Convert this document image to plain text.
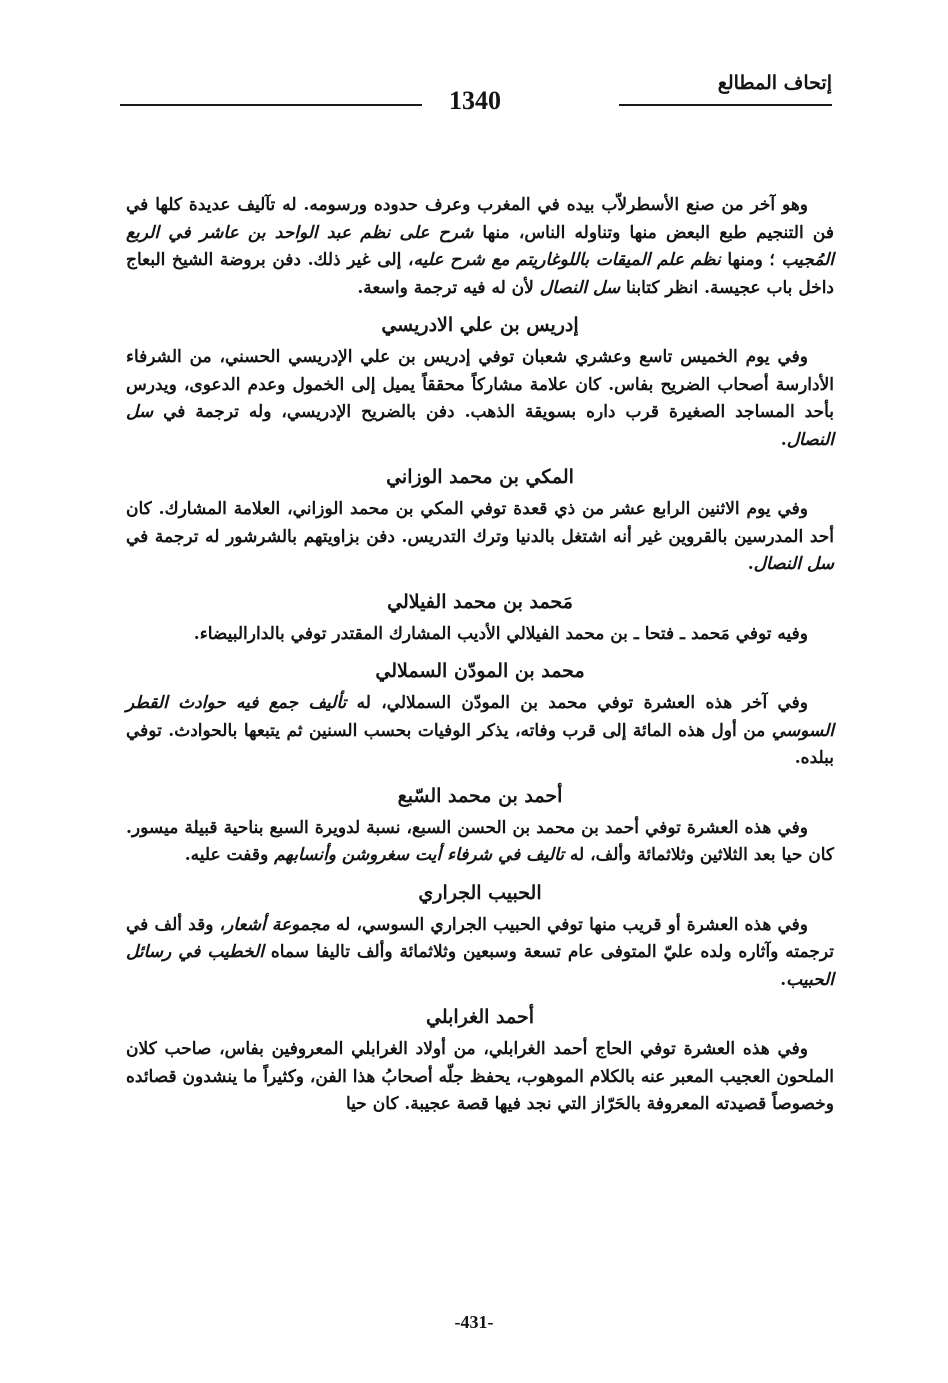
إتحاف المطالع
1340

وهو آخر من صنع الأسطرلاّب بيده في المغرب وعرف حدوده ورسومه. له تآليف عديدة كلها في فن التنجيم طبع البعض منها وتناوله الناس، منها شرح على نظم عبد الواحد بن عاشر في الربع المُجيب ؛ ومنها نظم علم الميقات باللوغاريتم مع شرح عليه، إلى غير ذلك. دفن بروضة الشيخ البعاج داخل باب عجيسة. انظر كتابنا سل النصال لأن له فيه ترجمة واسعة.

إدريس بن علي الادريسي

وفي يوم الخميس تاسع وعشري شعبان توفي إدريس بن علي الإدريسي الحسني، من الشرفاء الأدارسة أصحاب الضريح بفاس. كان علامة مشاركاً محققاً يميل إلى الخمول وعدم الدعوى، ويدرس بأحد المساجد الصغيرة قرب داره بسويقة الذهب. دفن بالضريح الإدريسي، وله ترجمة في سل النصال.

المكي بن محمد الوزاني

وفي يوم الاثنين الرابع عشر من ذي قعدة توفي المكي بن محمد الوزاني، العلامة المشارك. كان أحد المدرسين بالقروين غير أنه اشتغل بالدنيا وترك التدريس. دفن بزاويتهم بالشرشور له ترجمة في سل النصال.

مَحمد بن محمد الفيلالي

وفيه توفي مَحمد ـ فتحا ـ بن محمد الفيلالي الأديب المشارك المقتدر توفي بالدارالبيضاء.

محمد بن المودّن السملالي

وفي آخر هذه العشرة توفي محمد بن المودّن السملالي، له تأليف جمع فيه حوادث القطر السوسي من أول هذه المائة إلى قرب وفاته، يذكر الوفيات بحسب السنين ثم يتبعها بالحوادث. توفي ببلده.

أحمد بن محمد السّبع

وفي هذه العشرة توفي أحمد بن محمد بن الحسن السبع، نسبة لدويرة السبع بناحية قبيلة ميسور. كان حيا بعد الثلاثين وثلاثمائة وألف، له تاليف في شرفاء أيت سغروشن وأنسابهم وقفت عليه.

الحبيب الجراري

وفي هذه العشرة أو قريب منها توفي الحبيب الجراري السوسي، له مجموعة أشعار، وقد ألف في ترجمته وآثاره ولده عليّ المتوفى عام تسعة وسبعين وثلاثمائة وألف تاليفا سماه الخطيب في رسائل الحبيب.

أحمد الغرابلي

وفي هذه العشرة توفي الحاج أحمد الغرابلي، من أولاد الغرابلي المعروفين بفاس، صاحب كلان الملحون العجيب المعبر عنه بالكلام الموهوب، يحفظ جلّه أصحابُ هذا الفن، وكثيراً ما ينشدون قصائده وخصوصاً قصيدته المعروفة بالحَرّاز التي نجد فيها قصة عجيبة. كان حيا

-431-
